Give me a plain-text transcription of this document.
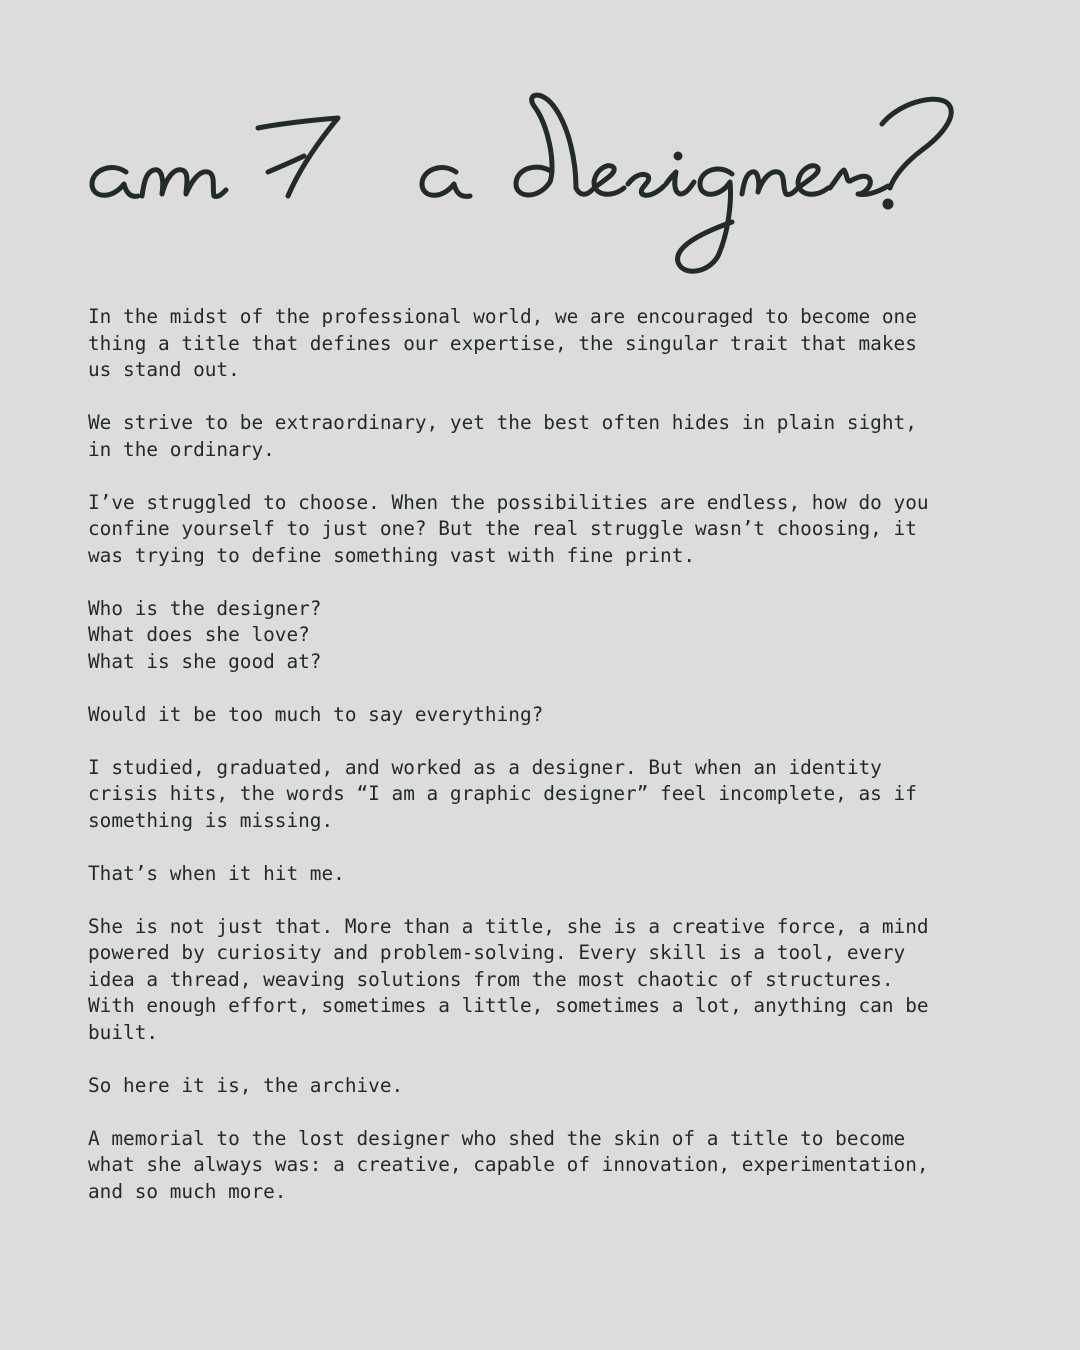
In the midst of the professional world, we are encouraged to become one thing a title that defines our expertise, the singular trait that makes us stand out.

We strive to be extraordinary, yet the best often hides in plain sight, in the ordinary.

I’ve struggled to choose. When the possibilities are endless, how do you confine yourself to just one? But the real struggle wasn’t choosing, it was trying to define something vast with fine print.

Who is the designer?

What does she love?

What is she good at?

Would it be too much to say everything?

I studied, graduated, and worked as a designer. But when an identity crisis hits, the words “I am a graphic designer” feel incomplete, as if something is missing.

That’s when it hit me.

She is not just that. More than a title, she is a creative force, a mind powered by curiosity and problem-solving. Every skill is a tool, every idea a thread, weaving solutions from the most chaotic of structures. With enough effort, sometimes a little, sometimes a lot, anything can be built.

So here it is, the archive.

A memorial to the lost designer who shed the skin of a title to become what she always was: a creative, capable of innovation, experimentation, and so much more.
